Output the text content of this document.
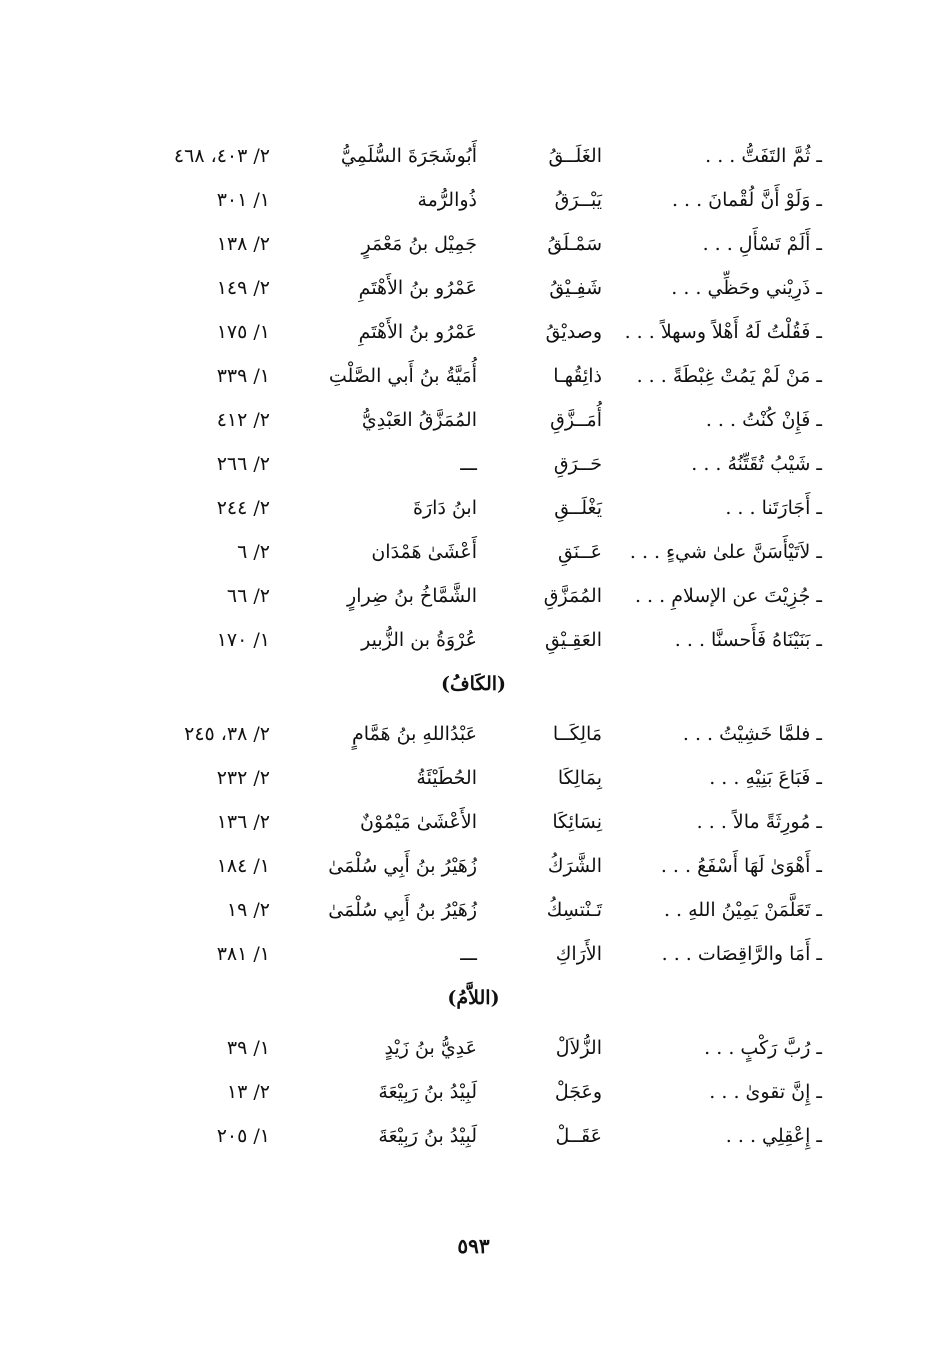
ـ ثُمَّ التَفَتُّ . . .
الغَلَــقُ
أَبُوشَجَرَةَ السُّلَمِيُّ
٢/ ٤٠٣، ٤٦٨
ـ وَلَوْ أَنَّ لُقْمانَ . . .
يَبْــرَقُ
ذُوالرُّمة
١/ ٣٠١
ـ أَلَمْ تَسْأَلِ . . .
سَمْـلَقُ
جَمِيْل بنُ مَعْمَرٍ
٢/ ١٣٨
ـ ذَرِيْني وحَظِّي . . .
شَفِـيْقُ
عَمْرُو بنُ الأَهْتَمِ
٢/ ١٤٩
ـ فَقُلْتُ لَهُ أَهْلاً وسهلاً . . .
وصديْقُ
عَمْرُو بنُ الأَهْتَمِ
١/ ١٧٥
ـ مَنْ لَمْ يَمُتْ غِبْطَةً . . .
ذائِقُهـا
أُمَيَّةُ بنُ أَبي الصَّلْتِ
١/ ٣٣٩
ـ فَإِنْ كُنْتُ . . .
أُمَــزَّقِ
المُمَزَّقُ العَبْدِيُّ
٢/ ٤١٢
ـ شَيْبُ تُقَتِّنُهُ . . .
حَــرَقِ
ـــ
٢/ ٢٦٦
ـ أَجَارَتَنا . . .
يَغْلَــقِ
ابنُ دَارَةَ
٢/ ٢٤٤
ـ لاَتَيْأَسَنَّ علىٰ شيءٍ . . .
عَــنَقِ
أَعْشَىٰ هَمْدَان
٢/ ٦
ـ جُزِيْتَ عن الإسلامِ . . .
المُمَزَّقِ
الشَّمَّاخُ بنُ ضِرارٍ
٢/ ٦٦
ـ بَنَيْنَاهُ فَأَحسنَّا . . .
العَقِـيْقِ
عُرْوَةُ بن الزُّبير
١/ ١٧٠
(الكَافُ)
ـ فلمَّا خَشِيْتُ . . .
مَالِكَــا
عَبْدُاللهِ بنُ هَمَّامٍ
٢/ ٣٨، ٢٤٥
ـ فَبَاعَ بَنِيْهِ . . .
بِمَالِكَا
الحُطَيْئَةُ
٢/ ٢٣٢
ـ مُورِثَةً مالاً . . .
نِسَائِكَا
الأَعْشَىٰ مَيْمُوْنٌ
٢/ ١٣٦
ـ أَهْوَىٰ لَهَا أَسْفَعُ . . .
الشَّرَكُ
زُهَيْرُ بنُ أَبِي سُلْمَىٰ
١/ ١٨٤
ـ تَعَلَّمَنْ يَمِيْنُ اللهِ . .
تَـنْتسِكُ
زُهَيْرُ بنُ أَبِي سُلْمَىٰ
٢/ ١٩
ـ أَمَا والرَّاقِصَات . . .
الأَرَاكِ
ـــ
١/ ٣٨١
(اللاَّمُ)
ـ رُبَّ رَكْبٍ . . .
الزُّلاَلْ
عَدِيُّ بنُ زَيْدٍ
١/ ٣٩
ـ إِنَّ تقوىٰ . . .
وعَجَلْ
لَبِيْدُ بنُ رَبِيْعَةَ
٢/ ١٣
ـ إِعْقِلِي . . .
عَقَــلْ
لَبِيْدُ بنُ رَبِيْعَةَ
١/ ٢٠٥
٥٩٣
